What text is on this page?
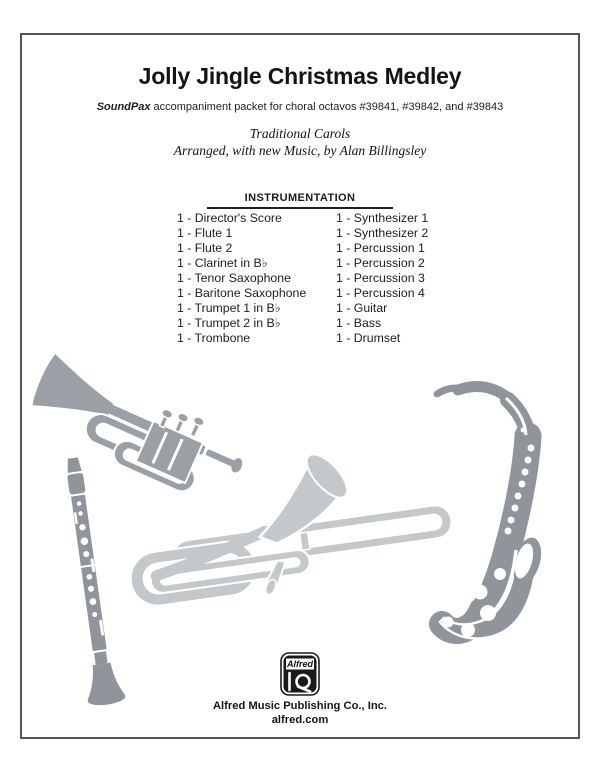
Jolly Jingle Christmas Medley

SoundPax accompaniment packet for choral octavos #39841, #39842, and #39843

Traditional Carols

Arranged, with new Music, by Alan Billingsley

INSTRUMENTATION
1 - Director's Score
1 - Flute 1
1 - Flute 2
1 - Clarinet in B♭
1 - Tenor Saxophone
1 - Baritone Saxophone
1 - Trumpet 1 in B♭
1 - Trumpet 2 in B♭
1 - Trombone
1 - Synthesizer 1
1 - Synthesizer 2
1 - Percussion 1
1 - Percussion 2
1 - Percussion 3
1 - Percussion 4
1 - Guitar
1 - Bass
1 - Drumset
Alfred

Alfred Music Publishing Co., Inc.

alfred.com
